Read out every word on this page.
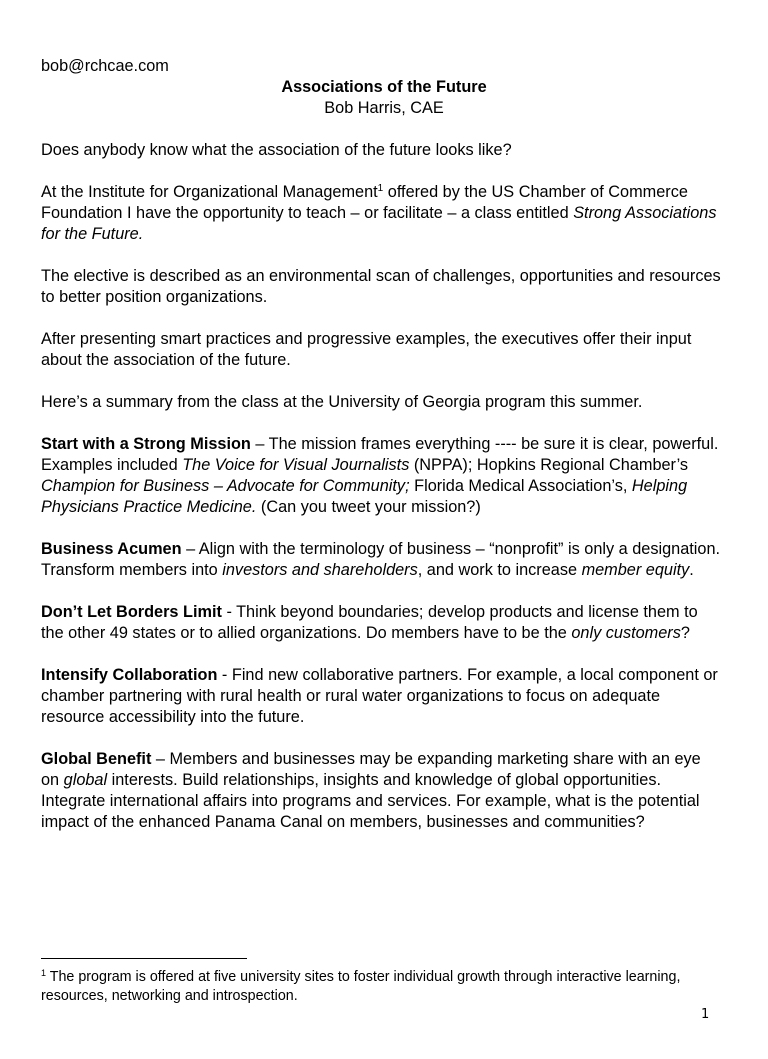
bob@rchcae.com
Associations of the Future
Bob Harris, CAE

Does anybody know what the association of the future looks like?

At the Institute for Organizational Management$^1$ offered by the US Chamber of Commerce Foundation I have the opportunity to teach – or facilitate – a class entitled Strong Associations for the Future.

The elective is described as an environmental scan of challenges, opportunities and resources to better position organizations.

After presenting smart practices and progressive examples, the executives offer their input about the association of the future.

Here’s a summary from the class at the University of Georgia program this summer.

Start with a Strong Mission – The mission frames everything ---- be sure it is clear, powerful. Examples included The Voice for Visual Journalists (NPPA); Hopkins Regional Chamber’s Champion for Business – Advocate for Community; Florida Medical Association’s, Helping Physicians Practice Medicine. (Can you tweet your mission?)

Business Acumen – Align with the terminology of business – “nonprofit” is only a designation. Transform members into investors and shareholders, and work to increase member equity.

Don’t Let Borders Limit - Think beyond boundaries; develop products and license them to the other 49 states or to allied organizations. Do members have to be the only customers?

Intensify Collaboration - Find new collaborative partners. For example, a local component or chamber partnering with rural health or rural water organizations to focus on adequate resource accessibility into the future.

Global Benefit – Members and businesses may be expanding marketing share with an eye on global interests. Build relationships, insights and knowledge of global opportunities. Integrate international affairs into programs and services. For example, what is the potential impact of the enhanced Panama Canal on members, businesses and communities?

$^1$ The program is offered at five university sites to foster individual growth through interactive learning, resources, networking and introspection.
1
